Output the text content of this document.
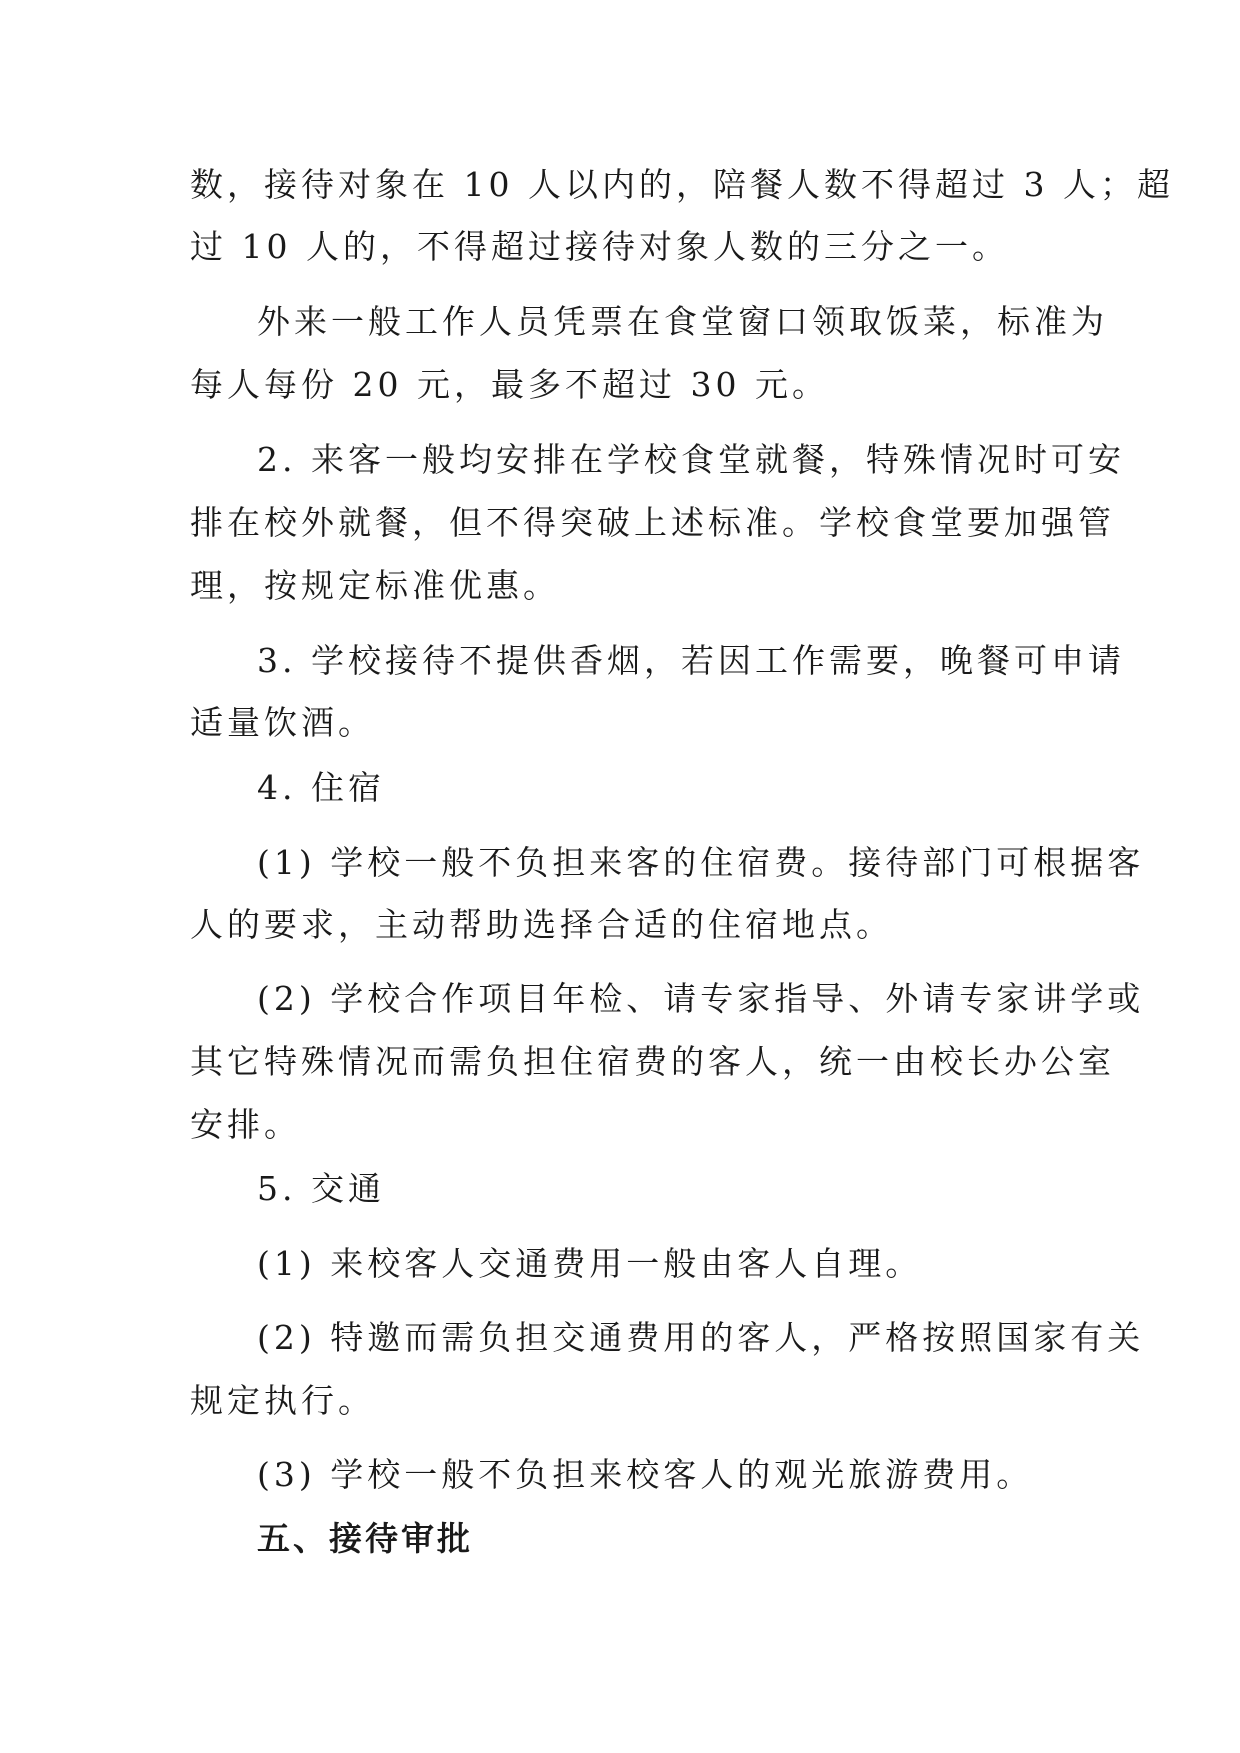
数，接待对象在 10 人以内的，陪餐人数不得超过 3 人；超
过 10 人的，不得超过接待对象人数的三分之一。
外来一般工作人员凭票在食堂窗口领取饭菜，标准为
每人每份 20 元，最多不超过 30 元。
2. 来客一般均安排在学校食堂就餐，特殊情况时可安
排在校外就餐，但不得突破上述标准。学校食堂要加强管
理，按规定标准优惠。
3. 学校接待不提供香烟，若因工作需要，晚餐可申请
适量饮酒。
4. 住宿
(1) 学校一般不负担来客的住宿费。接待部门可根据客
人的要求，主动帮助选择合适的住宿地点。
(2) 学校合作项目年检、请专家指导、外请专家讲学或
其它特殊情况而需负担住宿费的客人，统一由校长办公室
安排。
5. 交通
(1) 来校客人交通费用一般由客人自理。
(2) 特邀而需负担交通费用的客人，严格按照国家有关
规定执行。
(3) 学校一般不负担来校客人的观光旅游费用。
五、接待审批
